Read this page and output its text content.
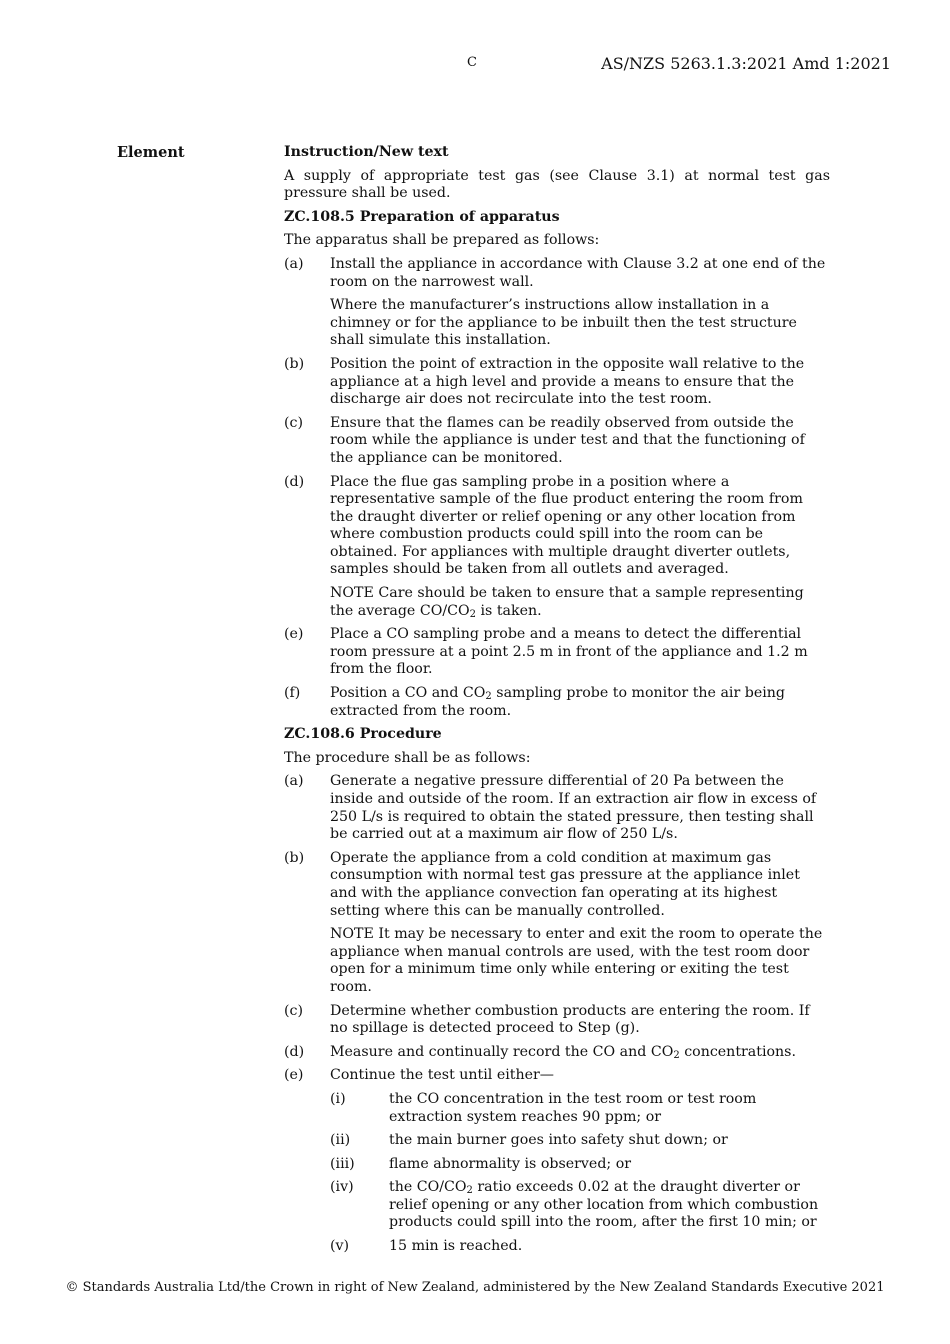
C	AS/NZS 5263.1.3:2021 Amd 1:2021
Element	Instruction/New text
A supply of appropriate test gas (see Clause 3.1) at normal test gas pressure shall be used.
ZC.108.5 Preparation of apparatus
The apparatus shall be prepared as follows:
(a)	Install the appliance in accordance with Clause 3.2 at one end of the room on the narrowest wall.

Where the manufacturer’s instructions allow installation in a chimney or for the appliance to be inbuilt then the test structure shall simulate this installation.

(b)	Position the point of extraction in the opposite wall relative to the appliance at a high level and provide a means to ensure that the discharge air does not recirculate into the test room.

(c)	Ensure that the flames can be readily observed from outside the room while the appliance is under test and that the functioning of the appliance can be monitored.

(d)	Place the flue gas sampling probe in a position where a representative sample of the flue product entering the room from the draught diverter or relief opening or any other location from where combustion products could spill into the room can be obtained. For appliances with multiple draught diverter outlets, samples should be taken from all outlets and averaged.

NOTE Care should be taken to ensure that a sample representing the average $CO/CO_2$ is taken.

(e)	Place a CO sampling probe and a means to detect the differential room pressure at a point 2.5 m in front of the appliance and 1.2 m from the floor.

(f)	Position a CO and $CO_2$ sampling probe to monitor the air being extracted from the room.

ZC.108.6 Procedure
The procedure shall be as follows:
(a)	Generate a negative pressure differential of 20 Pa between the inside and outside of the room. If an extraction air flow in excess of 250 L/s is required to obtain the stated pressure, then testing shall be carried out at a maximum air flow of 250 L/s.

(b)	Operate the appliance from a cold condition at maximum gas consumption with normal test gas pressure at the appliance inlet and with the appliance convection fan operating at its highest setting where this can be manually controlled.

NOTE It may be necessary to enter and exit the room to operate the appliance when manual controls are used, with the test room door open for a minimum time only while entering or exiting the test room.

(c)	Determine whether combustion products are entering the room. If no spillage is detected proceed to Step (g).

(d)	Measure and continually record the CO and $CO_2$ concentrations.

(e)	Continue the test until either—

(i)	the CO concentration in the test room or test room extraction system reaches 90 ppm; or
(ii)	the main burner goes into safety shut down; or
(iii)	flame abnormality is observed; or
(iv)	the $CO/CO_2$ ratio exceeds 0.02 at the draught diverter or relief opening or any other location from which combustion products could spill into the room, after the first 10 min; or
(v)	15 min is reached.
© Standards Australia Ltd/the Crown in right of New Zealand, administered by the New Zealand Standards Executive 2021
